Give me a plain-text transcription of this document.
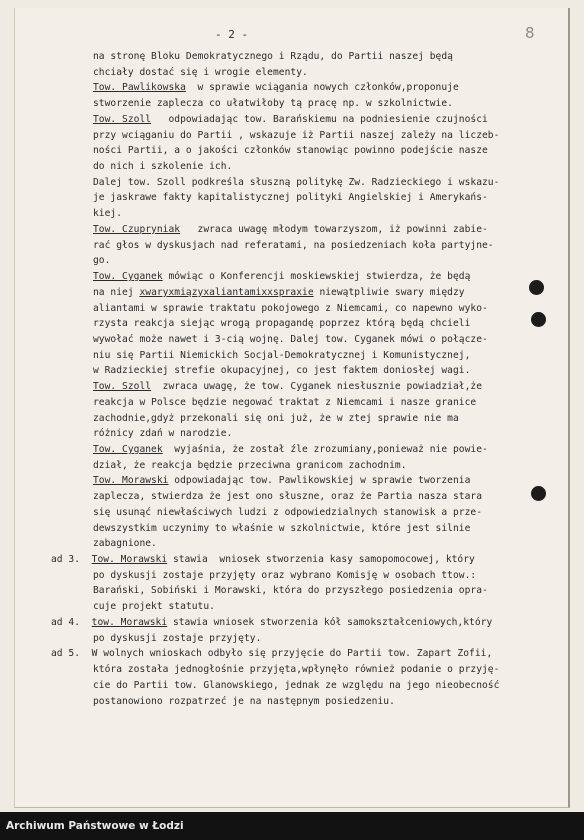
- 2 -	8
na stronę Bloku Demokratycznego i Rządu, do Partii naszej będą
chciały dostać się i wrogie elementy.
Tow. Pawlikowska  w sprawie wciągania nowych członków,proponuje
stworzenie zaplecza co ułatwiłoby tą pracę np. w szkolnictwie.
Tow. Szoll   odpowiadając tow. Barańskiemu na podniesienie czujności
przy wciąganiu do Partii , wskazuje iż Partii naszej zależy na liczeb-
ności Partii, a o jakości członków stanowiąc powinno podejście nasze
do nich i szkolenie ich.
Dalej tow. Szoll podkreśla słuszną politykę Zw. Radzieckiego i wskazu-
je jaskrawe fakty kapitalistycznej polityki Angielskiej i Amerykańs-
kiej.
Tow. Czupryniak   zwraca uwagę młodym towarzyszom, iż powinni zabie-
rać głos w dyskusjach nad referatami, na posiedzeniach koła partyjne-
go.
Tow. Cyganek mówiąc o Konferencji moskiewskiej stwierdza, że będą
na niej xwaryxmiązyxaliantamixxspraxie niewątpliwie swary między
aliantami w sprawie traktatu pokojowego z Niemcami, co napewno wyko-
rzysta reakcja siejąc wrogą propagandę poprzez którą będą chcieli
wywołać może nawet i 3-cią wojnę. Dalej tow. Cyganek mówi o połącze-
niu się Partii Niemickich Socjal-Demokratycznej i Komunistycznej,
w Radzieckiej strefie okupacyjnej, co jest faktem doniosłej wagi.
Tow. Szoll  zwraca uwagę, że tow. Cyganek niesłusznie powiadział,że
reakcja w Polsce będzie negować traktat z Niemcami i nasze granice
zachodnie,gdyż przekonali się oni już, że w ztej sprawie nie ma
różnicy zdań w narodzie.
Tow. Cyganek  wyjaśnia, że został źle zrozumiany,ponieważ nie powie-
dział, że reakcja będzie przeciwna granicom zachodnim.
Tow. Morawski odpowiadając tow. Pawlikowskiej w sprawie tworzenia
zaplecza, stwierdza że jest ono słuszne, oraz że Partia nasza stara
się usunąć niewłaściwych ludzi z odpowiedzialnych stanowisk a prze-
dewszystkim uczynimy to właśnie w szkolnictwie, które jest silnie
zabagnione.
ad 3.  Tow. Morawski stawia  wniosek stworzenia kasy samopomocowej, który
po dyskusji zostaje przyjęty oraz wybrano Komisję w osobach ttow.:
Barański, Sobiński i Morawski, która do przyszłego posiedzenia opra-
cuje projekt statutu.
ad 4.  tow. Morawski stawia wniosek stworzenia kół samokształceniowych,który
po dyskusji zostaje przyjęty.
ad 5.  W wolnych wnioskach odbyło się przyjęcie do Partii tow. Zapart Zofii,
która została jednogłośnie przyjęta,wpłynęło również podanie o przyję-
cie do Partii tow. Glanowskiego, jednak ze względu na jego nieobecność
postanowiono rozpatrzeć je na następnym posiedzeniu.
Archiwum Państwowe w Łodzi
